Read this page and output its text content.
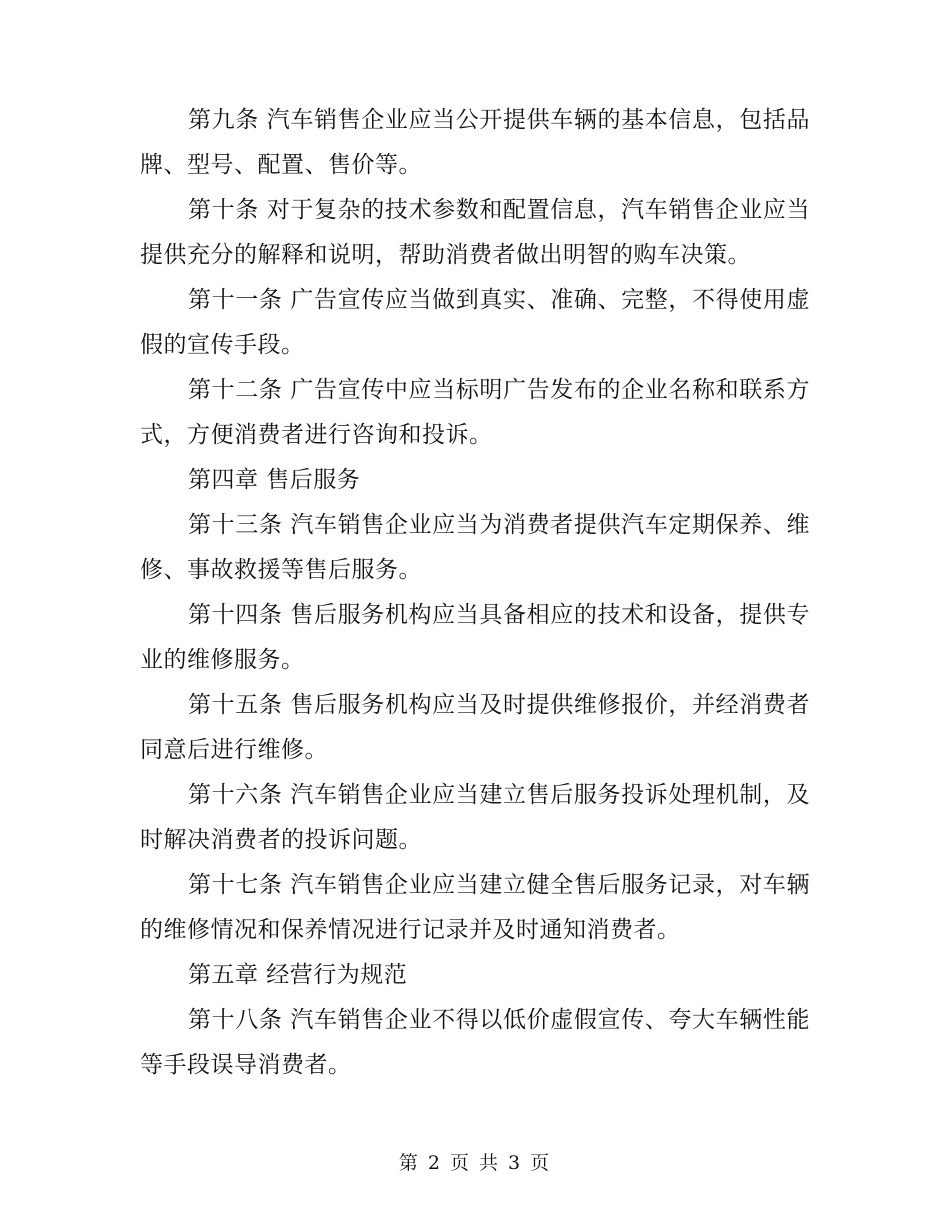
第九条 汽车销售企业应当公开提供车辆的基本信息，包括品牌、型号、配置、售价等。

第十条 对于复杂的技术参数和配置信息，汽车销售企业应当提供充分的解释和说明，帮助消费者做出明智的购车决策。

第十一条 广告宣传应当做到真实、准确、完整，不得使用虚假的宣传手段。

第十二条 广告宣传中应当标明广告发布的企业名称和联系方式，方便消费者进行咨询和投诉。

第四章 售后服务

第十三条 汽车销售企业应当为消费者提供汽车定期保养、维修、事故救援等售后服务。

第十四条 售后服务机构应当具备相应的技术和设备，提供专业的维修服务。

第十五条 售后服务机构应当及时提供维修报价，并经消费者同意后进行维修。

第十六条 汽车销售企业应当建立售后服务投诉处理机制，及时解决消费者的投诉问题。

第十七条 汽车销售企业应当建立健全售后服务记录，对车辆的维修情况和保养情况进行记录并及时通知消费者。

第五章 经营行为规范

第十八条 汽车销售企业不得以低价虚假宣传、夸大车辆性能等手段误导消费者。

第 2 页 共 3 页
